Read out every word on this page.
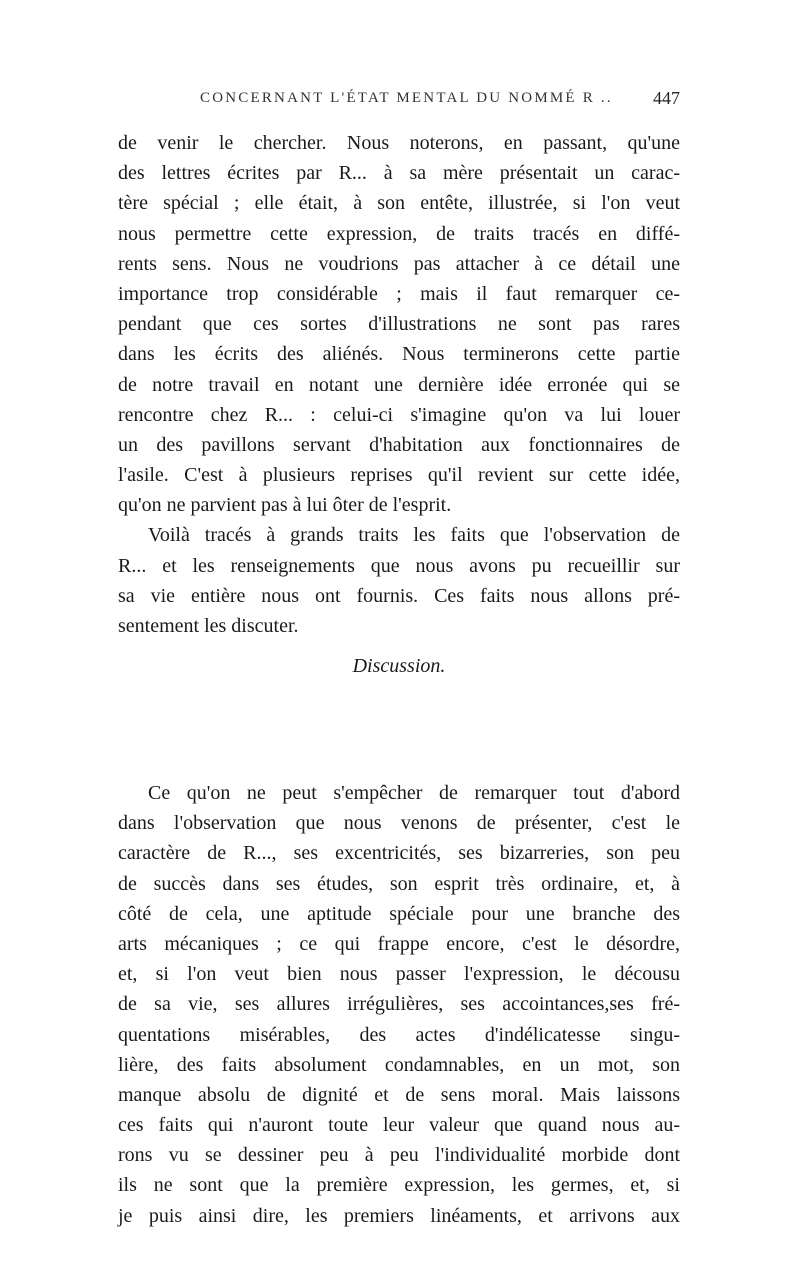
CONCERNANT L'ÉTAT MENTAL DU NOMMÉ R .. 447
de venir le chercher. Nous noterons, en passant, qu'une
des lettres écrites par R... à sa mère présentait un carac-
tère spécial ; elle était, à son entête, illustrée, si l'on veut
nous permettre cette expression, de traits tracés en diffé-
rents sens. Nous ne voudrions pas attacher à ce détail une
importance trop considérable ; mais il faut remarquer ce-
pendant que ces sortes d'illustrations ne sont pas rares
dans les écrits des aliénés. Nous terminerons cette partie
de notre travail en notant une dernière idée erronée qui se
rencontre chez R... : celui-ci s'imagine qu'on va lui louer
un des pavillons servant d'habitation aux fonctionnaires de
l'asile. C'est à plusieurs reprises qu'il revient sur cette idée,
qu'on ne parvient pas à lui ôter de l'esprit.
Voilà tracés à grands traits les faits que l'observation de
R... et les renseignements que nous avons pu recueillir sur
sa vie entière nous ont fournis. Ces faits nous allons pré-
sentement les discuter.
Discussion.
Ce qu'on ne peut s'empêcher de remarquer tout d'abord
dans l'observation que nous venons de présenter, c'est le
caractère de R..., ses excentricités, ses bizarreries, son peu
de succès dans ses études, son esprit très ordinaire, et, à
côté de cela, une aptitude spéciale pour une branche des
arts mécaniques ; ce qui frappe encore, c'est le désordre,
et, si l'on veut bien nous passer l'expression, le décousu
de sa vie, ses allures irrégulières, ses accointances,ses fré-
quentations misérables, des actes d'indélicatesse singu-
lière, des faits absolument condamnables, en un mot, son
manque absolu de dignité et de sens moral. Mais laissons
ces faits qui n'auront toute leur valeur que quand nous au-
rons vu se dessiner peu à peu l'individualité morbide dont
ils ne sont que la première expression, les germes, et, si
je puis ainsi dire, les premiers linéaments, et arrivons aux
